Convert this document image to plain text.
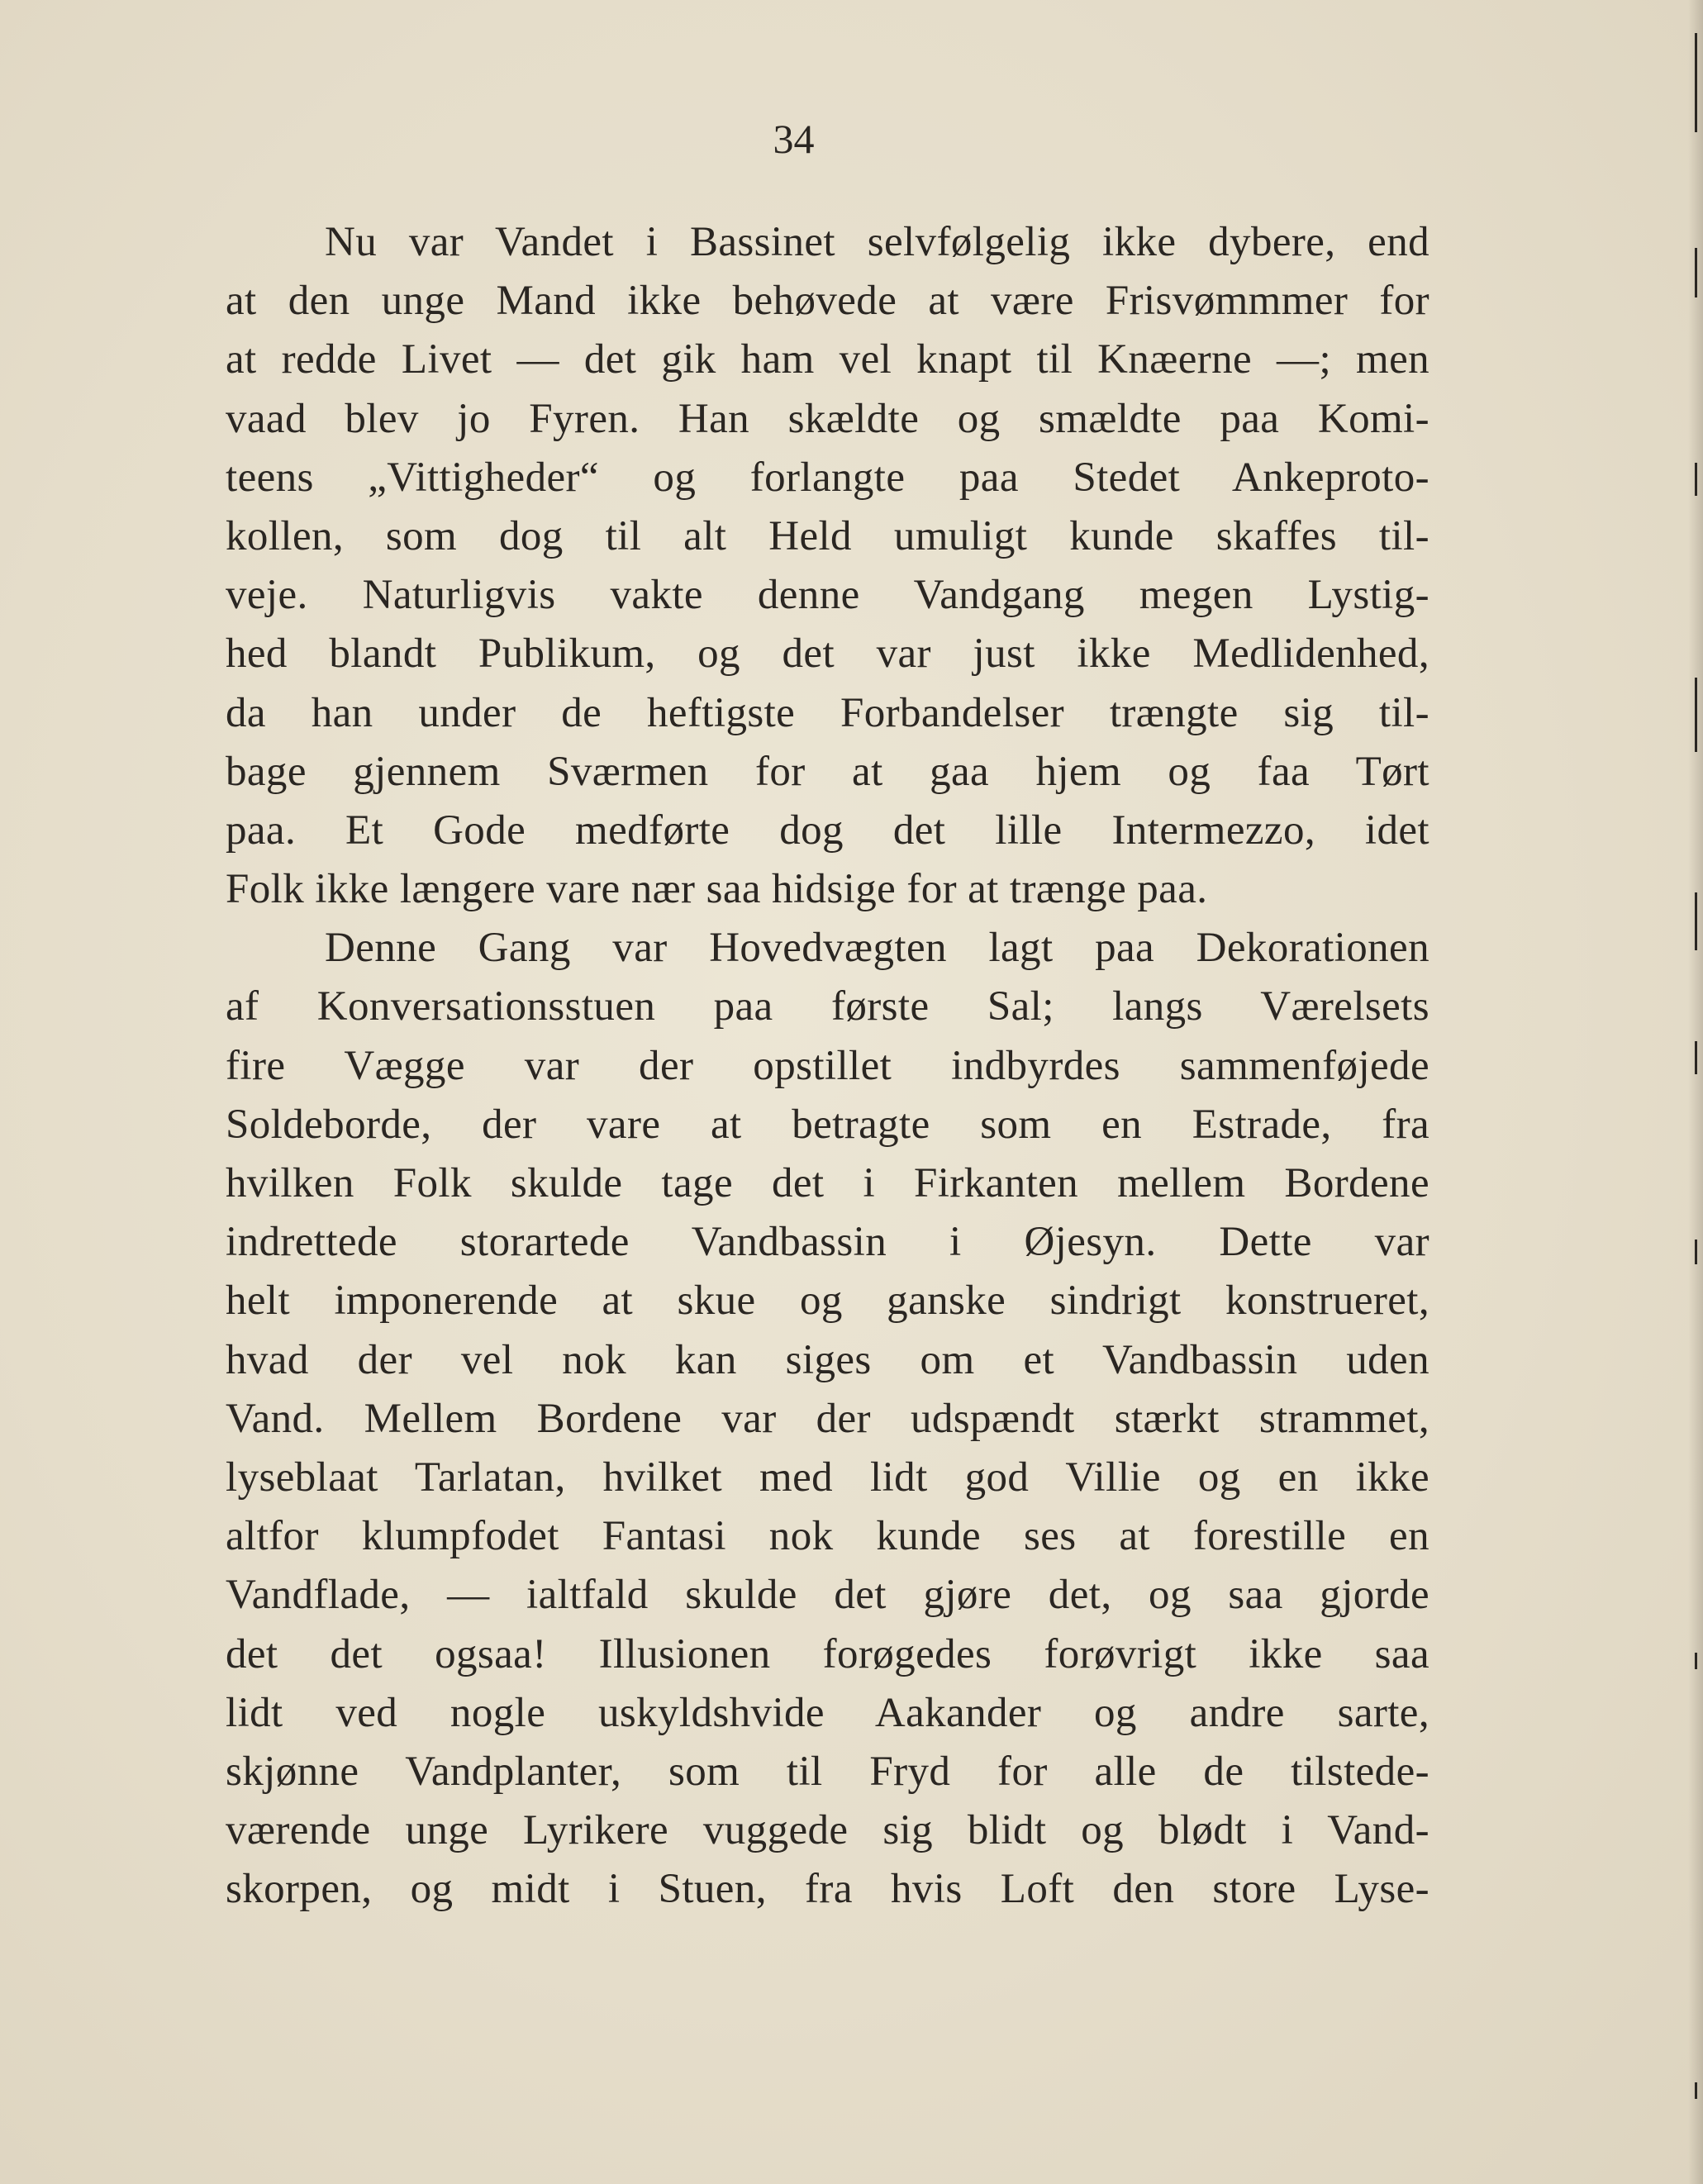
34
Nu var Vandet i Bassinet selvfølgelig ikke dybere, end
at den unge Mand ikke behøvede at være Frisvømmmer for
at redde Livet — det gik ham vel knapt til Knæerne —; men
vaad blev jo Fyren. Han skældte og smældte paa Komi-
teens „Vittigheder“ og forlangte paa Stedet Ankeproto-
kollen, som dog til alt Held umuligt kunde skaffes til-
veje. Naturligvis vakte denne Vandgang megen Lystig-
hed blandt Publikum, og det var just ikke Medlidenhed,
da han under de heftigste Forbandelser trængte sig til-
bage gjennem Sværmen for at gaa hjem og faa Tørt
paa. Et Gode medførte dog det lille Intermezzo, idet
Folk ikke længere vare nær saa hidsige for at trænge paa.
Denne Gang var Hovedvægten lagt paa Dekorationen
af Konversationsstuen paa første Sal; langs Værelsets
fire Vægge var der opstillet indbyrdes sammenføjede
Soldeborde, der vare at betragte som en Estrade, fra
hvilken Folk skulde tage det i Firkanten mellem Bordene
indrettede storartede Vandbassin i Øjesyn. Dette var
helt imponerende at skue og ganske sindrigt konstrueret,
hvad der vel nok kan siges om et Vandbassin uden
Vand. Mellem Bordene var der udspændt stærkt strammet,
lyseblaat Tarlatan, hvilket med lidt god Villie og en ikke
altfor klumpfodet Fantasi nok kunde ses at forestille en
Vandflade, — ialtfald skulde det gjøre det, og saa gjorde
det det ogsaa! Illusionen forøgedes forøvrigt ikke saa
lidt ved nogle uskyldshvide Aakander og andre sarte,
skjønne Vandplanter, som til Fryd for alle de tilstede-
værende unge Lyrikere vuggede sig blidt og blødt i Vand-
skorpen, og midt i Stuen, fra hvis Loft den store Lyse-
